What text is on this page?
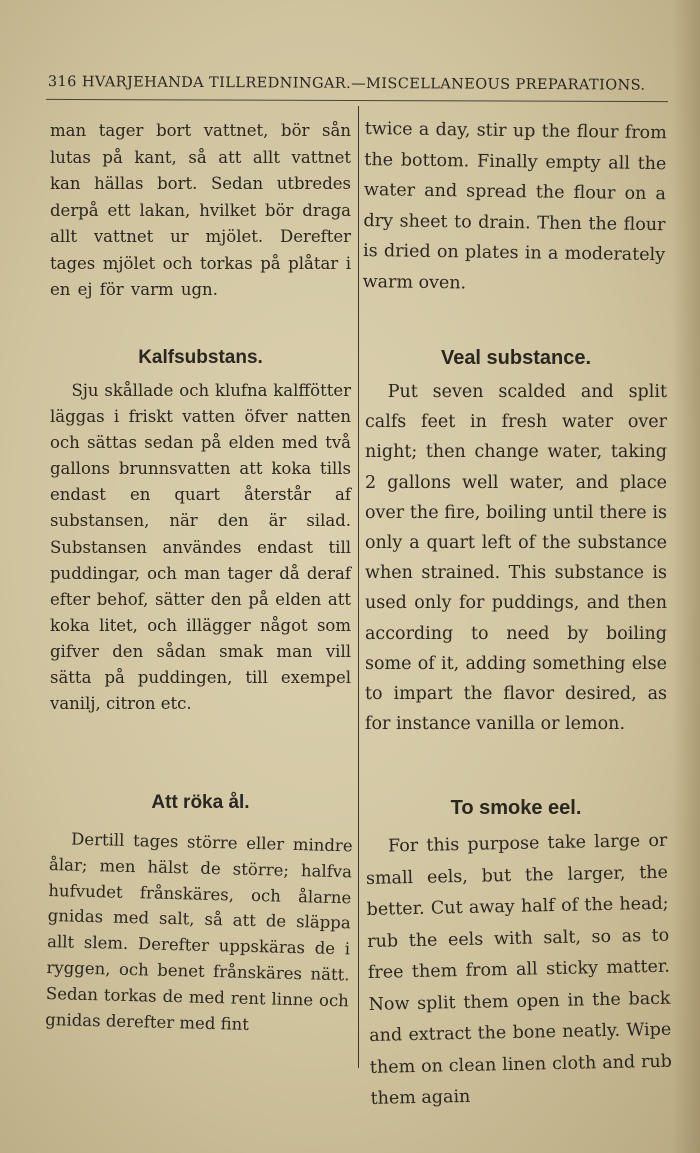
316 HVARJEHANDA TILLREDNINGAR.—MISCELLANEOUS PREPARATIONS.

man tager bort vattnet, bör sån lutas på kant, så att allt vattnet kan hällas bort. Sedan utbredes derpå ett lakan, hvilket bör draga allt vattnet ur mjölet. Derefter tages mjölet och torkas på plåtar i en ej för varm ugn.

Kalfsubstans.

Sju skållade och klufna kalffötter läggas i friskt vatten öfver natten och sättas sedan på elden med två gallons brunnsvatten att koka tills endast en quart återstår af substansen, när den är silad. Substansen användes endast till puddingar, och man tager då deraf efter behof, sätter den på elden att koka litet, och illägger något som gifver den sådan smak man vill sätta på puddingen, till exempel vanilj, citron etc.

Att röka ål.

Dertill tages större eller mindre ålar; men hälst de större; halfva hufvudet frånskäres, och ålarne gnidas med salt, så att de släppa allt slem. Derefter uppskäras de i ryggen, och benet frånskäres nätt. Sedan torkas de med rent linne och gnidas derefter med fint

twice a day, stir up the flour from the bottom. Finally empty all the water and spread the flour on a dry sheet to drain. Then the flour is dried on plates in a moderately warm oven.

Veal substance.

Put seven scalded and split calfs feet in fresh water over night; then change water, taking 2 gallons well water, and place over the fire, boiling until there is only a quart left of the substance when strained. This substance is used only for puddings, and then according to need by boiling some of it, adding something else to impart the flavor desired, as for instance vanilla or lemon.

To smoke eel.

For this purpose take large or small eels, but the larger, the better. Cut away half of the head; rub the eels with salt, so as to free them from all sticky matter. Now split them open in the back and extract the bone neatly. Wipe them on clean linen cloth and rub them again
